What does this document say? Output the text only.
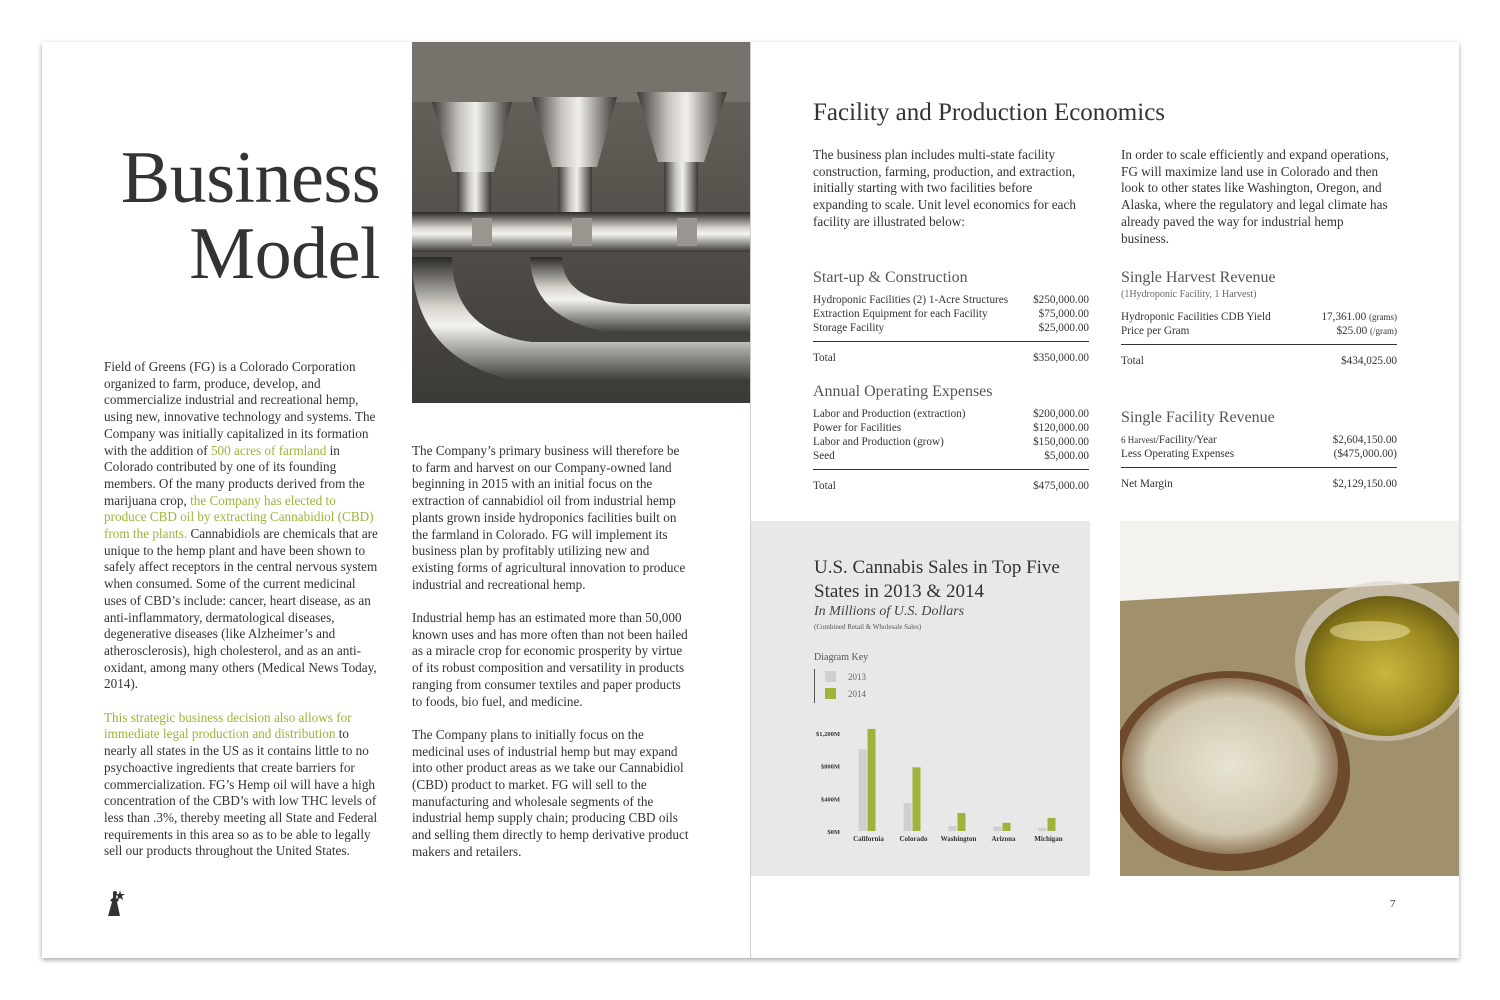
Business
Model

Field of Greens (FG) is a Colorado Corporation organized to farm, produce, develop, and commercialize industrial and recreational hemp, using new, innovative technology and systems. The Company was initially capitalized in its formation with the addition of 500 acres of farmland in Colorado contributed by one of its founding members. Of the many products derived from the marijuana crop, the Company has elected to produce CBD oil by extracting Cannabidiol (CBD) from the plants. Cannabidiols are chemicals that are unique to the hemp plant and have been shown to safely affect receptors in the central nervous system when consumed. Some of the current medicinal uses of CBD’s include: cancer, heart disease, as an anti-inflammatory, dermatological diseases, degenerative diseases (like Alzheimer’s and atherosclerosis), high cholesterol, and as an anti-oxidant, among many others (Medical News Today, 2014).

This strategic business decision also allows for immediate legal production and distribution to nearly all states in the US as it contains little to no psychoactive ingredients that create barriers for commercialization. FG’s Hemp oil will have a high concentration of the CBD’s with low THC levels of less than .3%, thereby meeting all State and Federal requirements in this area so as to be able to legally sell our products throughout the United States.

The Company’s primary business will therefore be to farm and harvest on our Company-owned land beginning in 2015 with an initial focus on the extraction of cannabidiol oil from industrial hemp plants grown inside hydroponics facilities built on the farmland in Colorado. FG will implement its business plan by profitably utilizing new and existing forms of agricultural innovation to produce industrial and recreational hemp.

Industrial hemp has an estimated more than 50,000 known uses and has more often than not been hailed as a miracle crop for economic prosperity by virtue of its robust composition and versatility in products ranging from consumer textiles and paper products to foods, bio fuel, and medicine.

The Company plans to initially focus on the medicinal uses of industrial hemp but may expand into other product areas as we take our Cannabidiol (CBD) product to market. FG will sell to the manufacturing and wholesale segments of the industrial hemp supply chain; producing CBD oils and selling them directly to hemp derivative product makers and retailers.

Facility and Production Economics
The business plan includes multi-state facility construction, farming, production, and extraction, initially starting with two facilities before expanding to scale. Unit level economics for each facility are illustrated below:
In order to scale efficiently and expand operations, FG will maximize land use in Colorado and then look to other states like Washington, Oregon, and Alaska, where the regulatory and legal climate has already paved the way for industrial hemp business.
Start-up & Construction
Hydroponic Facilities (2) 1-Acre Structures $250,000.00
Extraction Equipment for each Facility	$75,000.00
Storage Facility	$25,000.00
Total	$350,000.00
Annual Operating Expenses
Labor and Production (extraction)	$200,000.00
Power for Facilities	$120,000.00
Labor and Production (grow)	$150,000.00
Seed	$5,000.00
Total	$475,000.00
Single Harvest Revenue
(1Hydroponic Facility, 1 Harvest)
Hydroponic Facilities CDB Yield	17,361.00 (grams)
Price per Gram	$25.00 (/gram)
Total	$434,025.00
Single Facility Revenue
6 Harvest/Facility/Year	$2,604,150.00
Less Operating Expenses	($475,000.00)
Net Margin	$2,129,150.00
U.S. Cannabis Sales in Top Five States in 2013 & 2014
In Millions of U.S. Dollars
(Combined Retail & Wholesale Sales)
Diagram Key
2013
2014
$0M
$400M
$800M
$1,200M
California Colorado Washington Arizona	Michigan
7
